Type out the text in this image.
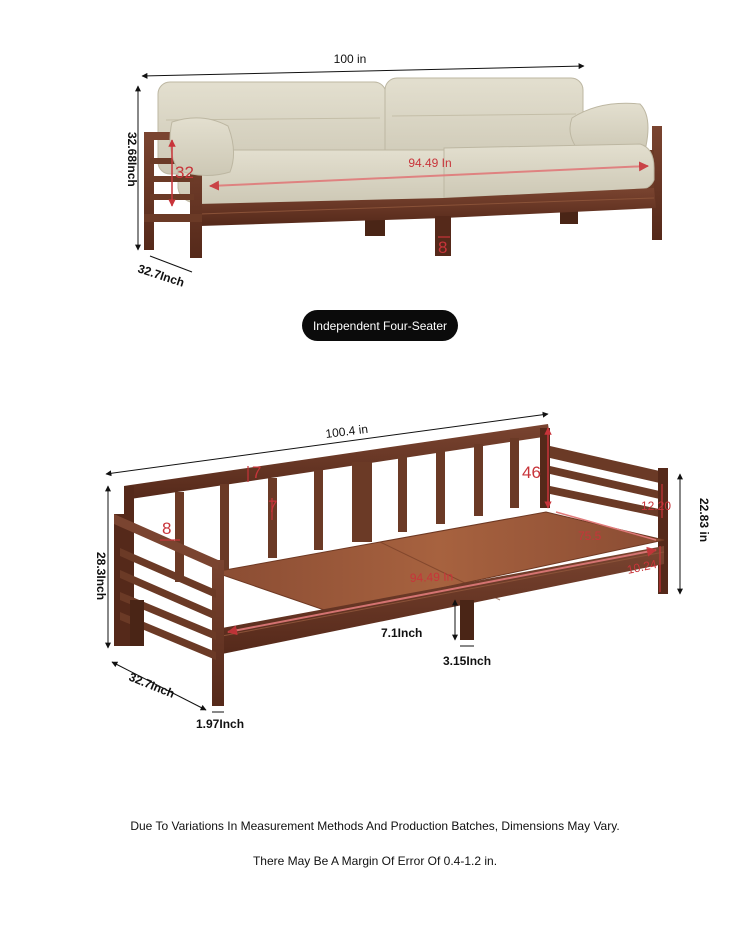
100 in
32.68Inch
32.7Inch
94.49 In
32
8
100.4 in
28.3Inch
32.7Inch
22.83 in
7
7
8
46
12.20
75.5
10.24
94.49 In
7.1Inch
3.15Inch
1.97Inch
Independent Four-Seater
Due To Variations In Measurement Methods And Production Batches, Dimensions May Vary.
There May Be A Margin Of Error Of 0.4-1.2 in.
